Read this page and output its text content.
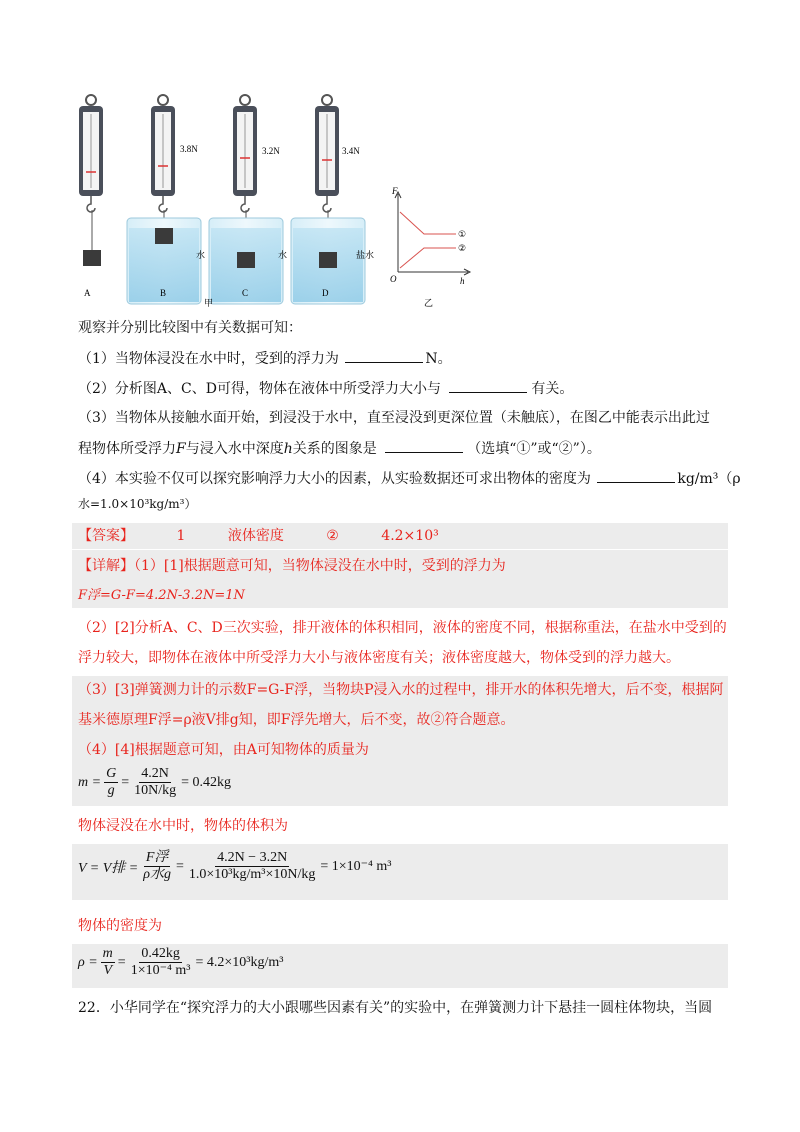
3.8N	3.2N	3.4N
水	水	盐水
A	B	C	D
甲
F
h
O
①
②
乙
观察并分别比较图中有关数据可知：
（1）当物体浸没在水中时，受到的浮力为	N。
（2）分析图A、C、D可得，物体在液体中所受浮力大小与	有关。
（3）当物体从接触水面开始，到浸没于水中，直至浸没到更深位置（未触底），在图乙中能表示出此过
程物体所受浮力F与浸入水中深度h关系的图象是	（选填“①”或“②”）。
（4）本实验不仅可以探究影响浮力大小的因素，从实验数据还可求出物体的密度为	kg/m³（ρ
水=1.0×10³kg/m³）
【答案】	1	液体密度	②	4.2×10³
【详解】（1）[1]根据题意可知，当物体浸没在水中时，受到的浮力为
F浮=G-F=4.2N-3.2N=1N
（2）[2]分析A、C、D三次实验，排开液体的体积相同，液体的密度不同，根据称重法，在盐水中受到的
浮力较大，即物体在液体中所受浮力大小与液体密度有关；液体密度越大，物体受到的浮力越大。
（3）[3]弹簧测力计的示数F=G-F浮，当物块P浸入水的过程中，排开水的体积先增大，后不变，根据阿
基米德原理F浮=ρ液V排g知，即F浮先增大，后不变，故②符合题意。
（4）[4]根据题意可知，由A可知物体的质量为
$m = \frac{G}{g} = \frac{4.2N}{10N/kg} = 0.42kg$
物体浸没在水中时，物体的体积为
V = V排 = $\frac{\text{F浮}}{\text{ρ水g}} = \frac{4.2N - 3.2N}{\text{1.0×10³kg/m³×10N/kg}} = 1\times 10^{-4}$ m³
物体的密度为
$\rho = \frac{m}{V} = \frac{0.42kg}{\text{1×10⁻⁴ m³}} = 4.2\times 10^3kg/m^3$
22．小华同学在“探究浮力的大小跟哪些因素有关”的实验中，在弹簧测力计下悬挂一圆柱体物块，当圆
